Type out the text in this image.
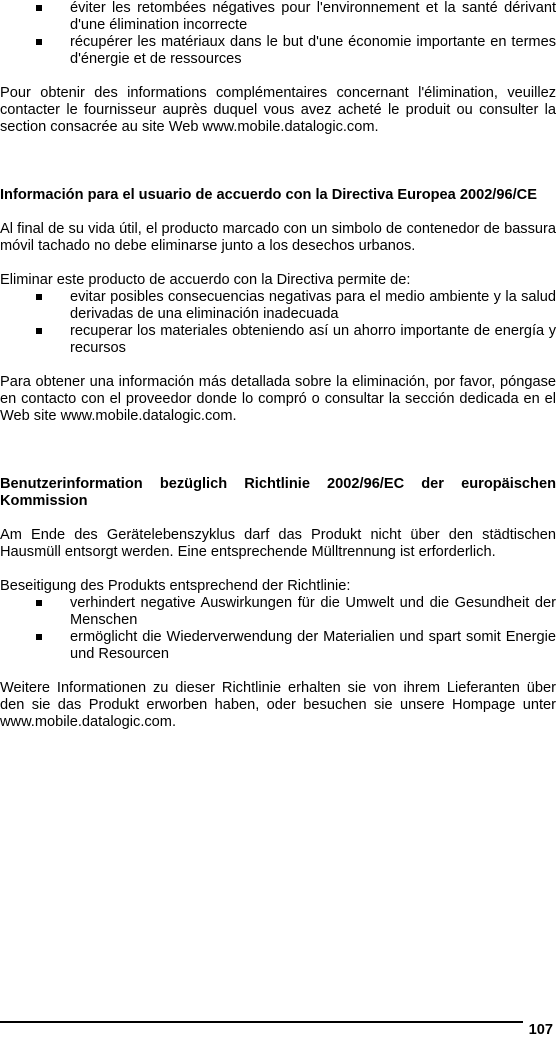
éviter les retombées négatives pour l'environnement et la santé dérivant d'une élimination incorrecte
récupérer les matériaux dans le but d'une économie importante en termes d'énergie et de ressources

Pour obtenir des informations complémentaires concernant l'élimination, veuillez contacter le fournisseur auprès duquel vous avez acheté le produit ou consulter la section consacrée au site Web www.mobile.datalogic.com.

Información para el usuario de accuerdo con la Directiva Europea 2002/96/CE

Al final de su vida útil, el producto marcado con un simbolo de contenedor de bassura móvil tachado no debe eliminarse junto a los desechos urbanos.

Eliminar este producto de accuerdo con la Directiva permite de:

evitar posibles consecuencias negativas para el medio ambiente y la salud derivadas de una eliminación inadecuada
recuperar los materiales obteniendo así un ahorro importante de energía y recursos

Para obtener una información más detallada sobre la eliminación, por favor, póngase en contacto con el proveedor donde lo compró o consultar la sección dedicada en el Web site www.mobile.datalogic.com.

Benutzerinformation bezüglich Richtlinie 2002/96/EC der europäischen Kommission

Am Ende des Gerätelebenszyklus darf das Produkt nicht über den städtischen Hausmüll entsorgt werden. Eine entsprechende Mülltrennung ist erforderlich.

Beseitigung des Produkts entsprechend der Richtlinie:

verhindert negative Auswirkungen für die Umwelt und die Gesundheit der Menschen
ermöglicht die Wiederverwendung der Materialien und spart somit Energie und Resourcen

Weitere Informationen zu dieser Richtlinie erhalten sie von ihrem Lieferanten über den sie das Produkt erworben haben, oder besuchen sie unsere Hompage unter www.mobile.datalogic.com.

107
